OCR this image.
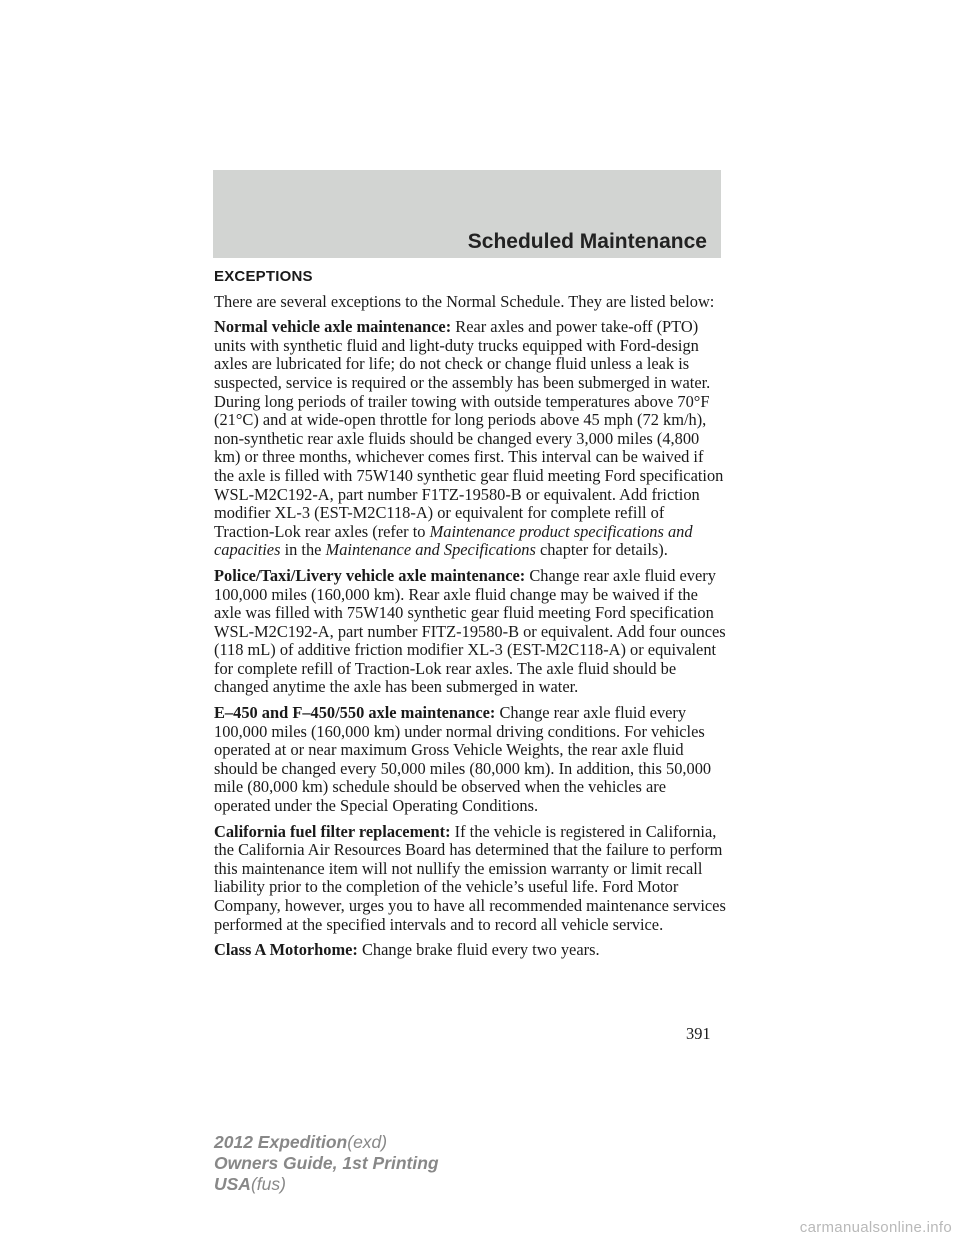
Scheduled Maintenance
EXCEPTIONS

There are several exceptions to the Normal Schedule. They are listed below:

Normal vehicle axle maintenance: Rear axles and power take-off (PTO) units with synthetic fluid and light-duty trucks equipped with Ford-design axles are lubricated for life; do not check or change fluid unless a leak is suspected, service is required or the assembly has been submerged in water. During long periods of trailer towing with outside temperatures above 70°F (21°C) and at wide-open throttle for long periods above 45 mph (72 km/h), non-synthetic rear axle fluids should be changed every 3,000 miles (4,800 km) or three months, whichever comes first. This interval can be waived if the axle is filled with 75W140 synthetic gear fluid meeting Ford specification WSL-M2C192-A, part number F1TZ-19580-B or equivalent. Add friction modifier XL-3 (EST-M2C118-A) or equivalent for complete refill of Traction-Lok rear axles (refer to Maintenance product specifications and capacities in the Maintenance and Specifications chapter for details).

Police/Taxi/Livery vehicle axle maintenance: Change rear axle fluid every 100,000 miles (160,000 km). Rear axle fluid change may be waived if the axle was filled with 75W140 synthetic gear fluid meeting Ford specification WSL-M2C192-A, part number FITZ-19580-B or equivalent. Add four ounces (118 mL) of additive friction modifier XL-3 (EST-M2C118-A) or equivalent for complete refill of Traction-Lok rear axles. The axle fluid should be changed anytime the axle has been submerged in water.

E–450 and F–450/550 axle maintenance: Change rear axle fluid every 100,000 miles (160,000 km) under normal driving conditions. For vehicles operated at or near maximum Gross Vehicle Weights, the rear axle fluid should be changed every 50,000 miles (80,000 km). In addition, this 50,000 mile (80,000 km) schedule should be observed when the vehicles are operated under the Special Operating Conditions.

California fuel filter replacement: If the vehicle is registered in California, the California Air Resources Board has determined that the failure to perform this maintenance item will not nullify the emission warranty or limit recall liability prior to the completion of the vehicle’s useful life. Ford Motor Company, however, urges you to have all recommended maintenance services performed at the specified intervals and to record all vehicle service.

Class A Motorhome: Change brake fluid every two years.

391
2012 Expedition(exd)
Owners Guide, 1st Printing
USA(fus)
carmanualsonline.info
